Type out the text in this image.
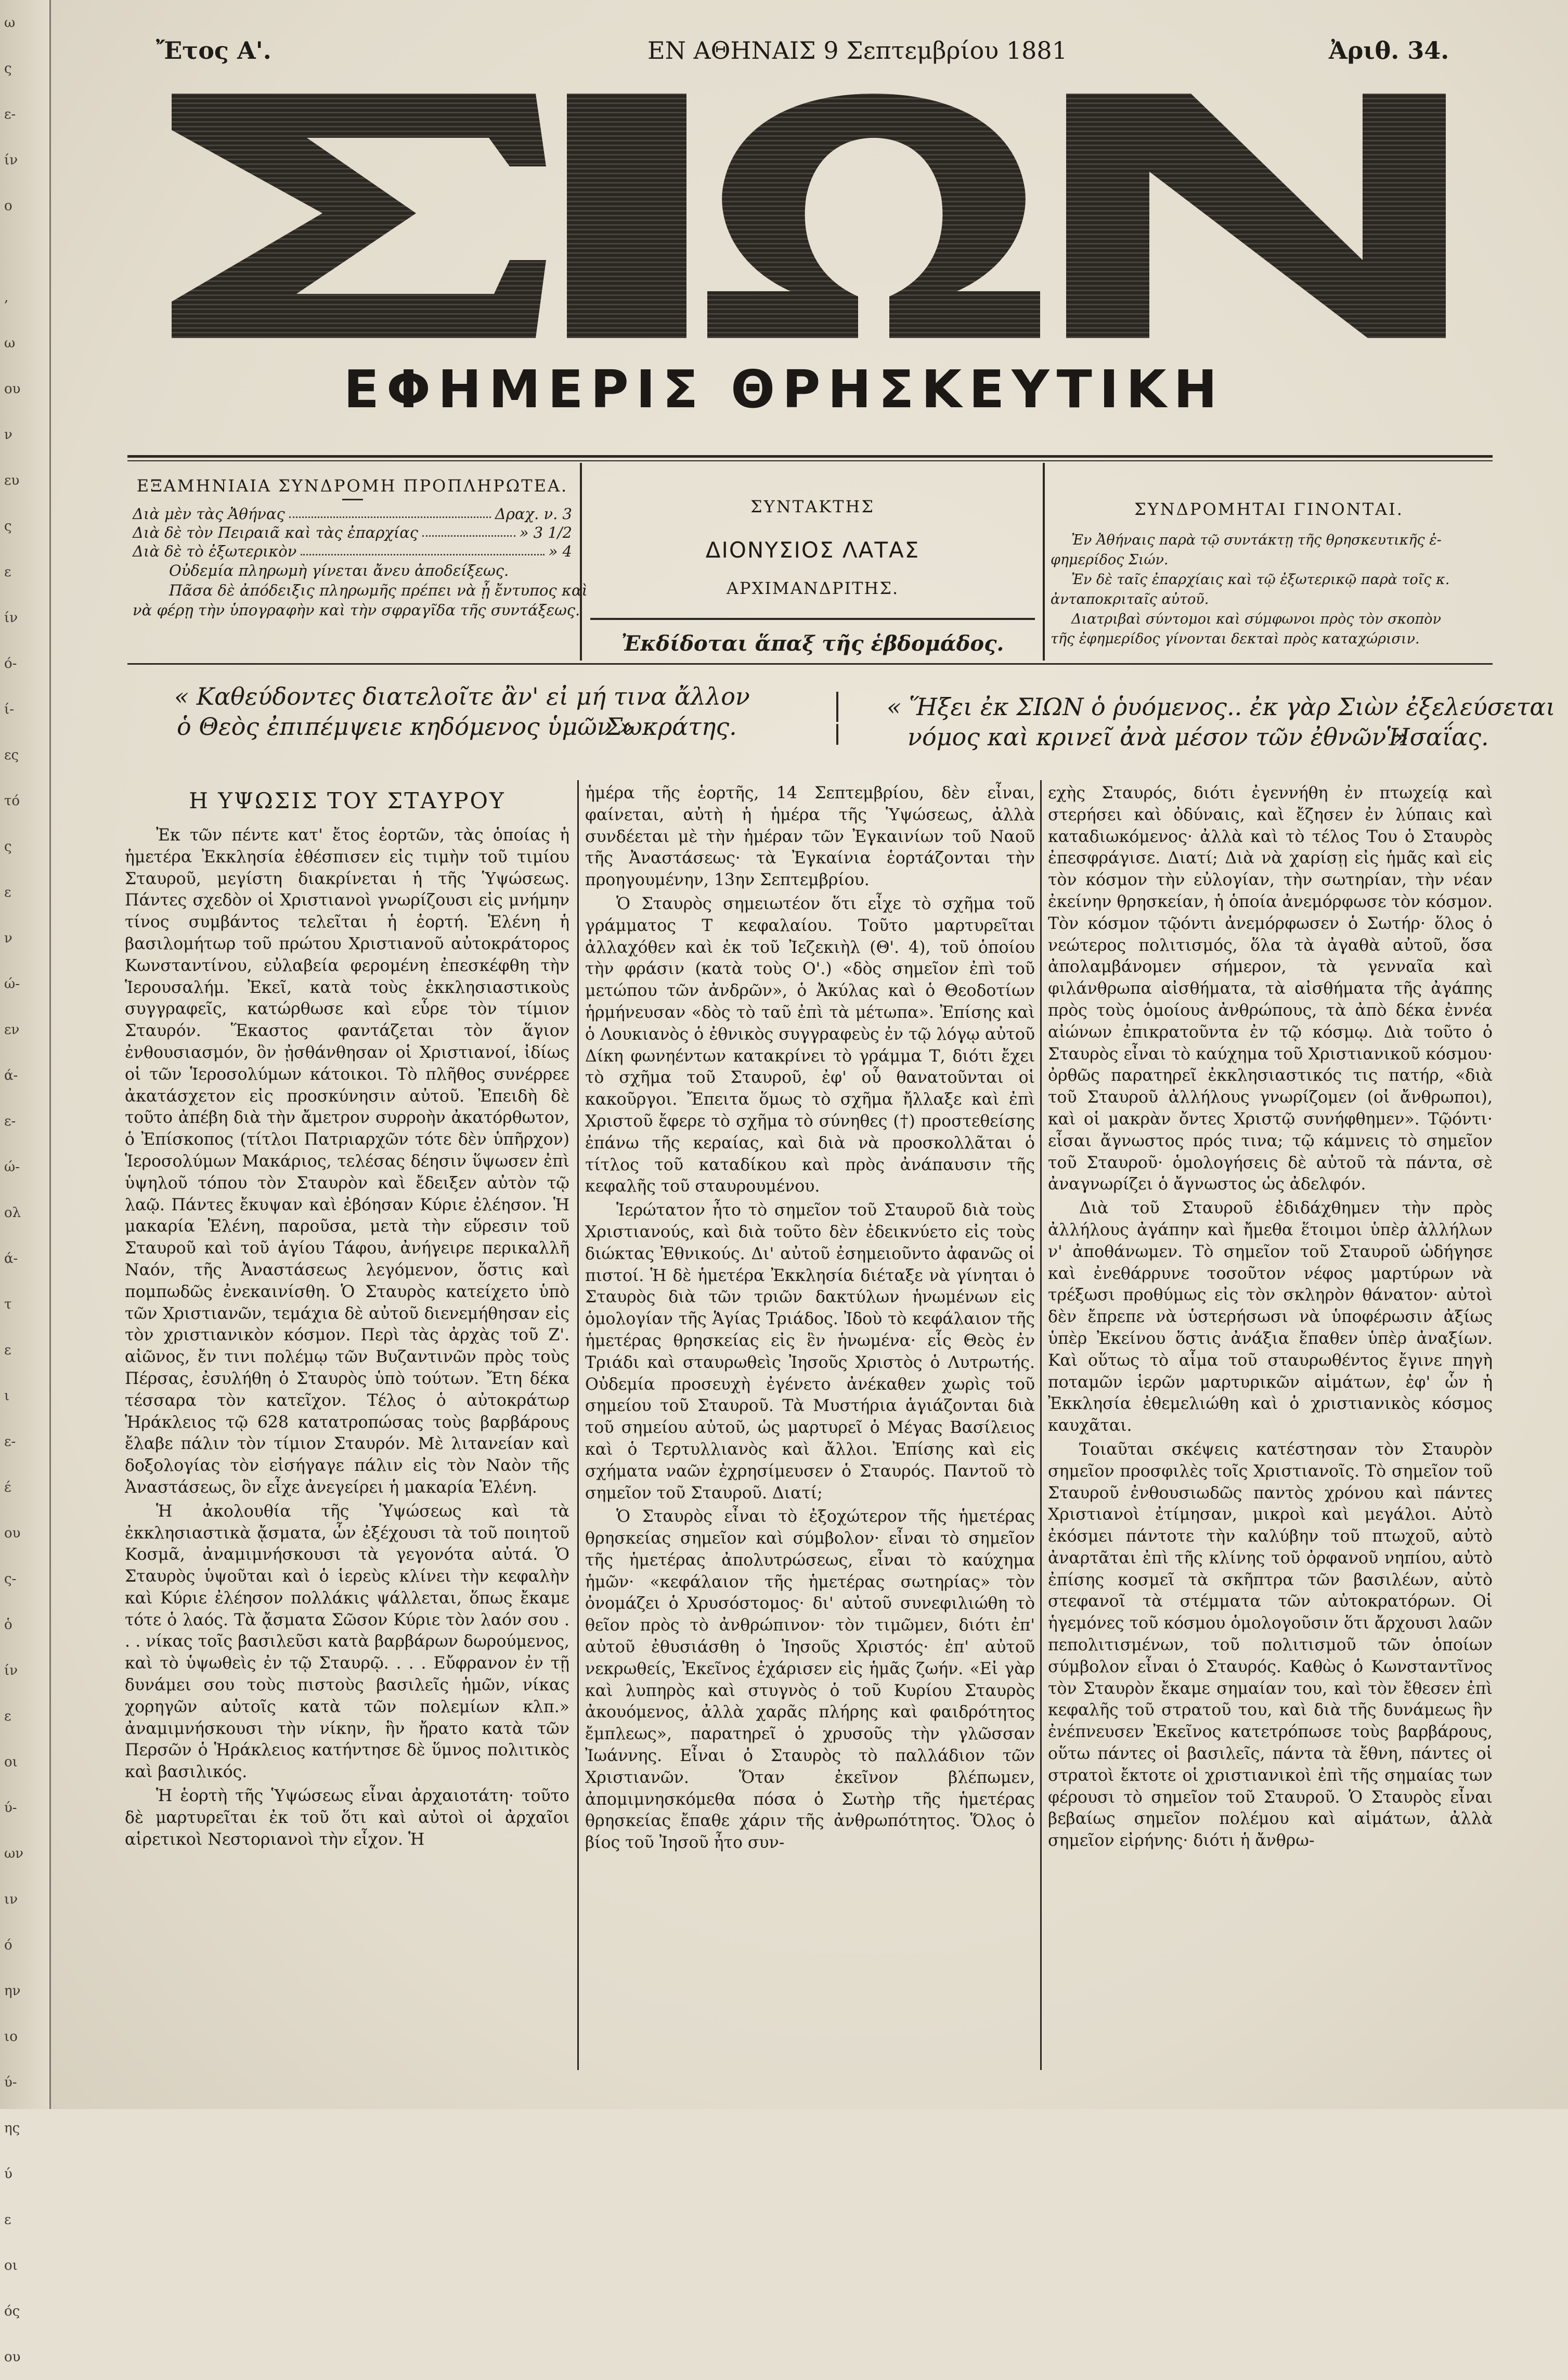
ω
ς
ε-
ίν
ο

,
ω
ου
ν
ευ
ς
ε
ίν
ό-
ί-
ες
τό
ς
ε
ν
ώ-
εν
ά-
ε-
ώ-
ολ
ά-
τ
ε
ι
ε-
έ
ου
ς-
ὁ
ίν
ε
οι
ύ-
ων
ιν
ό
ην
ιο
ύ-
ης
ύ
ε
οι
ός
ου
Ἔτος Α'.	ΕΝ ΑΘΗΝΑΙΣ 9 Σεπτεμβρίου 1881	Ἀριθ. 34.
ΕΦΗΜΕΡΙΣ ΘΡΗΣΚΕΥΤΙΚΗ
ΕΞΑΜΗΝΙΑΙΑ ΣΥΝΔΡΟΜΗ ΠΡΟΠΛΗΡΩΤΕΑ.
Διὰ μὲν τὰς Ἀθήνας	Δραχ. ν. 3
Διὰ δὲ τὸν Πειραιᾶ καὶ τὰς ἐπαρχίας	» 3 1/2
Διὰ δὲ τὸ ἐξωτερικὸν	» 4
Οὐδεμία πληρωμὴ γίνεται ἄνευ ἀποδείξεως.
Πᾶσα δὲ ἀπόδειξις πληρωμῆς πρέπει νὰ ᾖ ἔντυπος καὶ
νὰ φέρῃ τὴν ὑπογραφὴν καὶ τὴν σφραγῖδα τῆς συντάξεως.
ΣΥΝΤΑΚΤΗΣ
ΔΙΟΝΥΣΙΟΣ ΛΑΤΑΣ
ΑΡΧΙΜΑΝΔΡΙΤΗΣ.
Ἐκδίδοται ἅπαξ τῆς ἑβδομάδος.
ΣΥΝΔΡΟΜΗΤΑΙ ΓΙΝΟΝΤΑΙ.
Ἐν Ἀθήναις παρὰ τῷ συντάκτῃ τῆς θρησκευτικῆς ἐ-
φημερίδος Σιών.
Ἐν δὲ ταῖς ἐπαρχίαις καὶ τῷ ἐξωτερικῷ παρὰ τοῖς κ.
ἀνταποκριταῖς αὐτοῦ.
Διατριβαὶ σύντομοι καὶ σύμφωνοι πρὸς τὸν σκοπὸν
τῆς ἐφημερίδος γίνονται δεκταὶ πρὸς καταχώρισιν.
« Καθεύδοντες διατελοῖτε ἂν' εἰ μή τινα ἄλλον
ὁ Θεὸς ἐπιπέμψειε κηδόμενος ὑμῶν »
Σωκράτης.
« Ἥξει ἐκ ΣΙΩΝ ὁ ῥυόμενος.. ἐκ γὰρ Σιὼν ἐξελεύσεται
νόμος καὶ κρινεῖ ἀνὰ μέσον τῶν ἐθνῶν »
Ἡσαΐας.
Η ΥΨΩΣΙΣ ΤΟΥ ΣΤΑΥΡΟΥ

Ἐκ τῶν πέντε κατ' ἔτος ἑορτῶν, τὰς ὁποίας ἡ ἡμετέρα Ἐκκλησία ἐθέσπισεν εἰς τιμὴν τοῦ τιμίου Σταυροῦ, μεγίστη διακρίνεται ἡ τῆς Ὑψώσεως. Πάντες σχεδὸν οἱ Χριστιανοὶ γνωρίζουσι εἰς μνήμην τίνος συμβάντος τελεῖται ἡ ἑορτή. Ἑλένη ἡ βασιλομήτωρ τοῦ πρώτου Χριστιανοῦ αὐτοκράτορος Κωνσταντίνου, εὐλαβεία φερομένη ἐπεσκέφθη τὴν Ἱερουσαλήμ. Ἐκεῖ, κατὰ τοὺς ἐκκλησιαστικοὺς συγγραφεῖς, κατώρθωσε καὶ εὗρε τὸν τίμιον Σταυρόν. Ἕκαστος φαντάζεται τὸν ἅγιον ἐνθουσιασμόν, ὃν ᾐσθάνθησαν οἱ Χριστιανοί, ἰδίως οἱ τῶν Ἱεροσολύμων κάτοικοι. Τὸ πλῆθος συνέρρεε ἀκατάσχετον εἰς προσκύνησιν αὐτοῦ. Ἐπειδὴ δὲ τοῦτο ἀπέβη διὰ τὴν ἄμετρον συρροὴν ἀκατόρθωτον, ὁ Ἐπίσκοπος (τίτλοι Πατριαρχῶν τότε δὲν ὑπῆρχον) Ἱεροσολύμων Μακάριος, τελέσας δέησιν ὕψωσεν ἐπὶ ὑψηλοῦ τόπου τὸν Σταυρὸν καὶ ἔδειξεν αὐτὸν τῷ λαῷ. Πάντες ἔκυψαν καὶ ἐβόησαν Κύριε ἐλέησον. Ἡ μακαρία Ἑλένη, παροῦσα, μετὰ τὴν εὕρεσιν τοῦ Σταυροῦ καὶ τοῦ ἁγίου Τάφου, ἀνήγειρε περικαλλῆ Ναόν, τῆς Ἀναστάσεως λεγόμενον, ὅστις καὶ πομπωδῶς ἐνεκαινίσθη. Ὁ Σταυρὸς κατείχετο ὑπὸ τῶν Χριστιανῶν, τεμάχια δὲ αὐτοῦ διενεμήθησαν εἰς τὸν χριστιανικὸν κόσμον. Περὶ τὰς ἀρχὰς τοῦ Ζ'. αἰῶνος, ἔν τινι πολέμῳ τῶν Βυζαντινῶν πρὸς τοὺς Πέρσας, ἐσυλήθη ὁ Σταυρὸς ὑπὸ τούτων. Ἔτη δέκα τέσσαρα τὸν κατεῖχον. Τέλος ὁ αὐτοκράτωρ Ἡράκλειος τῷ 628 κατατροπώσας τοὺς βαρβάρους ἔλαβε πάλιν τὸν τίμιον Σταυρόν. Μὲ λιτανείαν καὶ δοξολογίας τὸν εἰσήγαγε πάλιν εἰς τὸν Ναὸν τῆς Ἀναστάσεως, ὃν εἶχε ἀνεγείρει ἡ μακαρία Ἑλένη.

Ἡ ἀκολουθία τῆς Ὑψώσεως καὶ τὰ ἐκκλησιαστικὰ ᾄσματα, ὧν ἐξέχουσι τὰ τοῦ ποιητοῦ Κοσμᾶ, ἀναμιμνήσκουσι τὰ γεγονότα αὐτά. Ὁ Σταυρὸς ὑψοῦται καὶ ὁ ἱερεὺς κλίνει τὴν κεφαλὴν καὶ Κύριε ἐλέησον πολλάκις ψάλλεται, ὅπως ἔκαμε τότε ὁ λαός. Τὰ ᾄσματα Σῶσον Κύριε τὸν λαόν σου . . . νίκας τοῖς βασιλεῦσι κατὰ βαρβάρων δωρούμενος, καὶ τὸ ὑψωθεὶς ἐν τῷ Σταυρῷ. . . . Εὔφρανον ἐν τῇ δυνάμει σου τοὺς πιστοὺς βασιλεῖς ἡμῶν, νίκας χορηγῶν αὐτοῖς κατὰ τῶν πολεμίων κλπ.» ἀναμιμνήσκουσι τὴν νίκην, ἣν ἤρατο κατὰ τῶν Περσῶν ὁ Ἡράκλειος κατήντησε δὲ ὕμνος πολιτικὸς καὶ βασιλικός.

Ἡ ἑορτὴ τῆς Ὑψώσεως εἶναι ἀρχαιοτάτη· τοῦτο δὲ μαρτυρεῖται ἐκ τοῦ ὅτι καὶ αὐτοὶ οἱ ἀρχαῖοι αἱρετικοὶ Νεστοριανοὶ τὴν εἶχον. Ἡ

ἡμέρα τῆς ἑορτῆς, 14 Σεπτεμβρίου, δὲν εἶναι, φαίνεται, αὐτὴ ἡ ἡμέρα τῆς Ὑψώσεως, ἀλλὰ συνδέεται μὲ τὴν ἡμέραν τῶν Ἐγκαινίων τοῦ Ναοῦ τῆς Ἀναστάσεως· τὰ Ἐγκαίνια ἑορτάζονται τὴν προηγουμένην, 13ην Σεπτεμβρίου.

Ὁ Σταυρὸς σημειωτέον ὅτι εἶχε τὸ σχῆμα τοῦ γράμματος Τ κεφαλαίου. Τοῦτο μαρτυρεῖται ἀλλαχόθεν καὶ ἐκ τοῦ Ἰεζεκιὴλ (Θ'. 4), τοῦ ὁποίου τὴν φράσιν (κατὰ τοὺς Ο'.) «δὸς σημεῖον ἐπὶ τοῦ μετώπου τῶν ἀνδρῶν», ὁ Ἀκύλας καὶ ὁ Θεοδοτίων ἡρμήνευσαν «δὸς τὸ ταῦ ἐπὶ τὰ μέτωπα». Ἐπίσης καὶ ὁ Λουκιανὸς ὁ ἐθνικὸς συγγραφεὺς ἐν τῷ λόγῳ αὐτοῦ Δίκη φωνηέντων κατακρίνει τὸ γράμμα Τ, διότι ἔχει τὸ σχῆμα τοῦ Σταυροῦ, ἐφ' οὗ θανατοῦνται οἱ κακοῦργοι. Ἔπειτα ὅμως τὸ σχῆμα ἤλλαξε καὶ ἐπὶ Χριστοῦ ἔφερε τὸ σχῆμα τὸ σύνηθες (†) προστεθείσης ἐπάνω τῆς κεραίας, καὶ διὰ νὰ προσκολλᾶται ὁ τίτλος τοῦ καταδίκου καὶ πρὸς ἀνάπαυσιν τῆς κεφαλῆς τοῦ σταυρουμένου.

Ἱερώτατον ἦτο τὸ σημεῖον τοῦ Σταυροῦ διὰ τοὺς Χριστιανούς, καὶ διὰ τοῦτο δὲν ἐδεικνύετο εἰς τοὺς διώκτας Ἐθνικούς. Δι' αὐτοῦ ἐσημειοῦντο ἀφανῶς οἱ πιστοί. Ἡ δὲ ἡμετέρα Ἐκκλησία διέταξε νὰ γίνηται ὁ Σταυρὸς διὰ τῶν τριῶν δακτύλων ἡνωμένων εἰς ὁμολογίαν τῆς Ἁγίας Τριάδος. Ἰδοὺ τὸ κεφάλαιον τῆς ἡμετέρας θρησκείας εἰς ἓν ἡνωμένα· εἷς Θεὸς ἐν Τριάδι καὶ σταυρωθεὶς Ἰησοῦς Χριστὸς ὁ Λυτρωτής. Οὐδεμία προσευχὴ ἐγένετο ἀνέκαθεν χωρὶς τοῦ σημείου τοῦ Σταυροῦ. Τὰ Μυστήρια ἁγιάζονται διὰ τοῦ σημείου αὐτοῦ, ὡς μαρτυρεῖ ὁ Μέγας Βασίλειος καὶ ὁ Τερτυλλιανὸς καὶ ἄλλοι. Ἐπίσης καὶ εἰς σχήματα ναῶν ἐχρησίμευσεν ὁ Σταυρός. Παντοῦ τὸ σημεῖον τοῦ Σταυροῦ. Διατί;

Ὁ Σταυρὸς εἶναι τὸ ἐξοχώτερον τῆς ἡμετέρας θρησκείας σημεῖον καὶ σύμβολον· εἶναι τὸ σημεῖον τῆς ἡμετέρας ἀπολυτρώσεως, εἶναι τὸ καύχημα ἡμῶν· «κεφάλαιον τῆς ἡμετέρας σωτηρίας» τὸν ὀνομάζει ὁ Χρυσόστομος· δι' αὐτοῦ συνεφιλιώθη τὸ θεῖον πρὸς τὸ ἀνθρώπινον· τὸν τιμῶμεν, διότι ἐπ' αὐτοῦ ἐθυσιάσθη ὁ Ἰησοῦς Χριστός· ἐπ' αὐτοῦ νεκρωθείς, Ἐκεῖνος ἐχάρισεν εἰς ἡμᾶς ζωήν. «Εἰ γὰρ καὶ λυπηρὸς καὶ στυγνὸς ὁ τοῦ Κυρίου Σταυρὸς ἀκουόμενος, ἀλλὰ χαρᾶς πλήρης καὶ φαιδρότητος ἔμπλεως», παρατηρεῖ ὁ χρυσοῦς τὴν γλῶσσαν Ἰωάννης. Εἶναι ὁ Σταυρὸς τὸ παλλάδιον τῶν Χριστιανῶν. Ὅταν ἐκεῖνον βλέπωμεν, ἀπομιμνησκόμεθα πόσα ὁ Σωτὴρ τῆς ἡμετέρας θρησκείας ἔπαθε χάριν τῆς ἀνθρωπότητος. Ὅλος ὁ βίος τοῦ Ἰησοῦ ἦτο συν-

εχὴς Σταυρός, διότι ἐγεννήθη ἐν πτωχείᾳ καὶ στερήσει καὶ ὀδύναις, καὶ ἔζησεν ἐν λύπαις καὶ καταδιωκόμενος· ἀλλὰ καὶ τὸ τέλος Του ὁ Σταυρὸς ἐπεσφράγισε. Διατί; Διὰ νὰ χαρίσῃ εἰς ἡμᾶς καὶ εἰς τὸν κόσμον τὴν εὐλογίαν, τὴν σωτηρίαν, τὴν νέαν ἐκείνην θρησκείαν, ἡ ὁποία ἀνεμόρφωσε τὸν κόσμον. Τὸν κόσμον τῷόντι ἀνεμόρφωσεν ὁ Σωτήρ· ὅλος ὁ νεώτερος πολιτισμός, ὅλα τὰ ἀγαθὰ αὐτοῦ, ὅσα ἀπολαμβάνομεν σήμερον, τὰ γενναῖα καὶ φιλάνθρωπα αἰσθήματα, τὰ αἰσθήματα τῆς ἀγάπης πρὸς τοὺς ὁμοίους ἀνθρώπους, τὰ ἀπὸ δέκα ἐννέα αἰώνων ἐπικρατοῦντα ἐν τῷ κόσμῳ. Διὰ τοῦτο ὁ Σταυρὸς εἶναι τὸ καύχημα τοῦ Χριστιανικοῦ κόσμου· ὀρθῶς παρατηρεῖ ἐκκλησιαστικός τις πατήρ, «διὰ τοῦ Σταυροῦ ἀλλήλους γνωρίζομεν (οἱ ἄνθρωποι), καὶ οἱ μακρὰν ὄντες Χριστῷ συνήφθημεν». Τῷόντι· εἶσαι ἄγνωστος πρός τινα; τῷ κάμνεις τὸ σημεῖον τοῦ Σταυροῦ· ὁμολογήσεις δὲ αὐτοῦ τὰ πάντα, σὲ ἀναγνωρίζει ὁ ἄγνωστος ὡς ἀδελφόν.

Διὰ τοῦ Σταυροῦ ἐδιδάχθημεν τὴν πρὸς ἀλλήλους ἀγάπην καὶ ἤμεθα ἕτοιμοι ὑπὲρ ἀλλήλων ν' ἀποθάνωμεν. Τὸ σημεῖον τοῦ Σταυροῦ ὡδήγησε καὶ ἐνεθάρρυνε τοσοῦτον νέφος μαρτύρων νὰ τρέξωσι προθύμως εἰς τὸν σκληρὸν θάνατον· αὐτοὶ δὲν ἔπρεπε νὰ ὑστερήσωσι νὰ ὑποφέρωσιν ἀξίως ὑπὲρ Ἐκείνου ὅστις ἀνάξια ἔπαθεν ὑπὲρ ἀναξίων. Καὶ οὕτως τὸ αἷμα τοῦ σταυρωθέντος ἔγινε πηγὴ ποταμῶν ἱερῶν μαρτυρικῶν αἱμάτων, ἐφ' ὧν ἡ Ἐκκλησία ἐθεμελιώθη καὶ ὁ χριστιανικὸς κόσμος καυχᾶται.

Τοιαῦται σκέψεις κατέστησαν τὸν Σταυρὸν σημεῖον προσφιλὲς τοῖς Χριστιανοῖς. Τὸ σημεῖον τοῦ Σταυροῦ ἐνθουσιωδῶς παντὸς χρόνου καὶ πάντες Χριστιανοὶ ἐτίμησαν, μικροὶ καὶ μεγάλοι. Αὐτὸ ἐκόσμει πάντοτε τὴν καλύβην τοῦ πτωχοῦ, αὐτὸ ἀναρτᾶται ἐπὶ τῆς κλίνης τοῦ ὀρφανοῦ νηπίου, αὐτὸ ἐπίσης κοσμεῖ τὰ σκῆπτρα τῶν βασιλέων, αὐτὸ στεφανοῖ τὰ στέμματα τῶν αὐτοκρατόρων. Οἱ ἡγεμόνες τοῦ κόσμου ὁμολογοῦσιν ὅτι ἄρχουσι λαῶν πεπολιτισμένων, τοῦ πολιτισμοῦ τῶν ὁποίων σύμβολον εἶναι ὁ Σταυρός. Καθὼς ὁ Κωνσταντῖνος τὸν Σταυρὸν ἔκαμε σημαίαν του, καὶ τὸν ἔθεσεν ἐπὶ κεφαλῆς τοῦ στρατοῦ του, καὶ διὰ τῆς δυνάμεως ἣν ἐνέπνευσεν Ἐκεῖνος κατετρόπωσε τοὺς βαρβάρους, οὕτω πάντες οἱ βασιλεῖς, πάντα τὰ ἔθνη, πάντες οἱ στρατοὶ ἔκτοτε οἱ χριστιανικοὶ ἐπὶ τῆς σημαίας των φέρουσι τὸ σημεῖον τοῦ Σταυροῦ. Ὁ Σταυρὸς εἶναι βεβαίως σημεῖον πολέμου καὶ αἱμάτων, ἀλλὰ σημεῖον εἰρήνης· διότι ἡ ἄνθρω-
